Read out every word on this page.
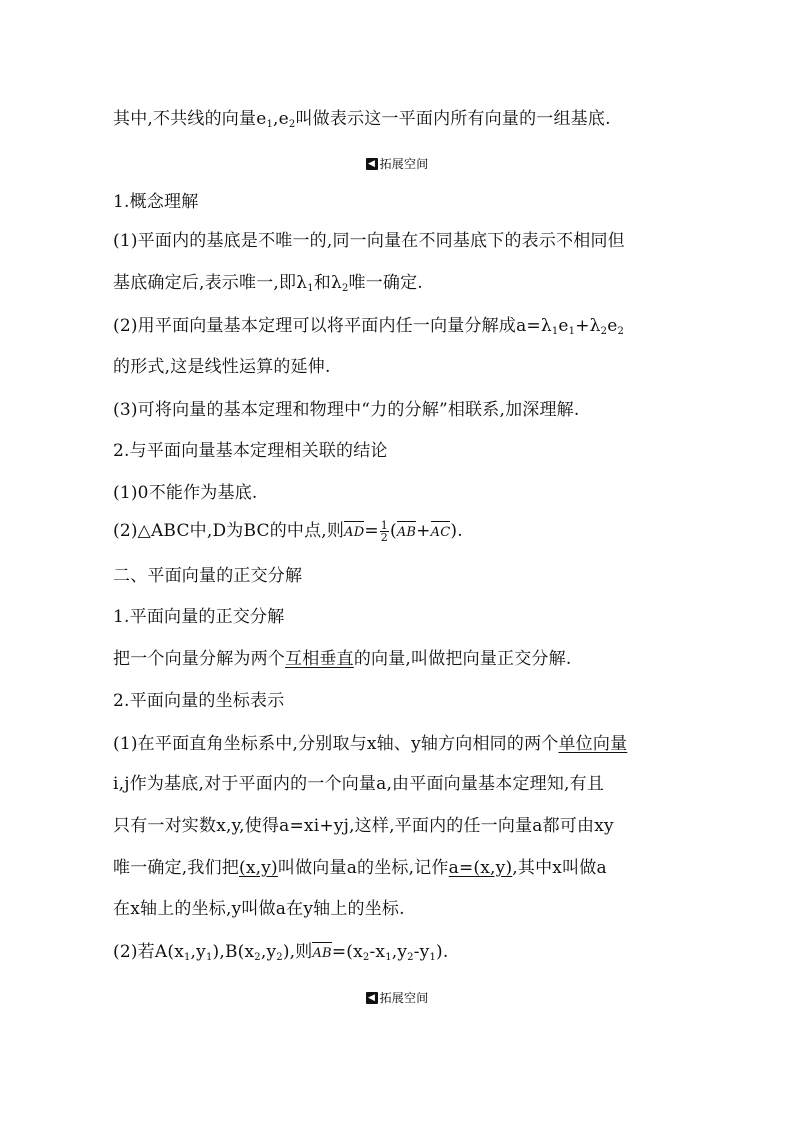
其中,不共线的向量$e_1,e_2$叫做表示这一平面内所有向量的一组基底.
◀ 拓展空间
1.概念理解
(1)平面内的基底是不唯一的,同一向量在不同基底下的表示不相同但
基底确定后,表示唯一,即$\lambda_1$和$\lambda_2$唯一确定.
(2)用平面向量基本定理可以将平面内任一向量分解成$a=\lambda_1e_1+\lambda_2e_2$
的形式,这是线性运算的延伸.
(3)可将向量的基本定理和物理中“力的分解”相联系,加深理解.
2.与平面向量基本定理相关联的结论
(1)0不能作为基底.
(2)△ABC中,D为BC的中点,则$AD= \frac{1}{2} (AB+AC)$.
二、平面向量的正交分解
1.平面向量的正交分解
把一个向量分解为两个互相垂直的向量,叫做把向量正交分解.
2.平面向量的坐标表示
(1)在平面直角坐标系中,分别取与x轴、y轴方向相同的两个单位向量
i,j作为基底,对于平面内的一个向量a,由平面向量基本定理知,有且
只有一对实数x,y,使得a=xi+yj,这样,平面内的任一向量a都可由xy
唯一确定,我们把(x,y)叫做向量a的坐标,记作a=(x,y),其中x叫做a
在x轴上的坐标,y叫做a在y轴上的坐标.
(2)若$A(x_1,y_1),B(x_2,y_2)$,则$AB=(x_2-x_1,y_2-y_1)$.
◀ 拓展空间
